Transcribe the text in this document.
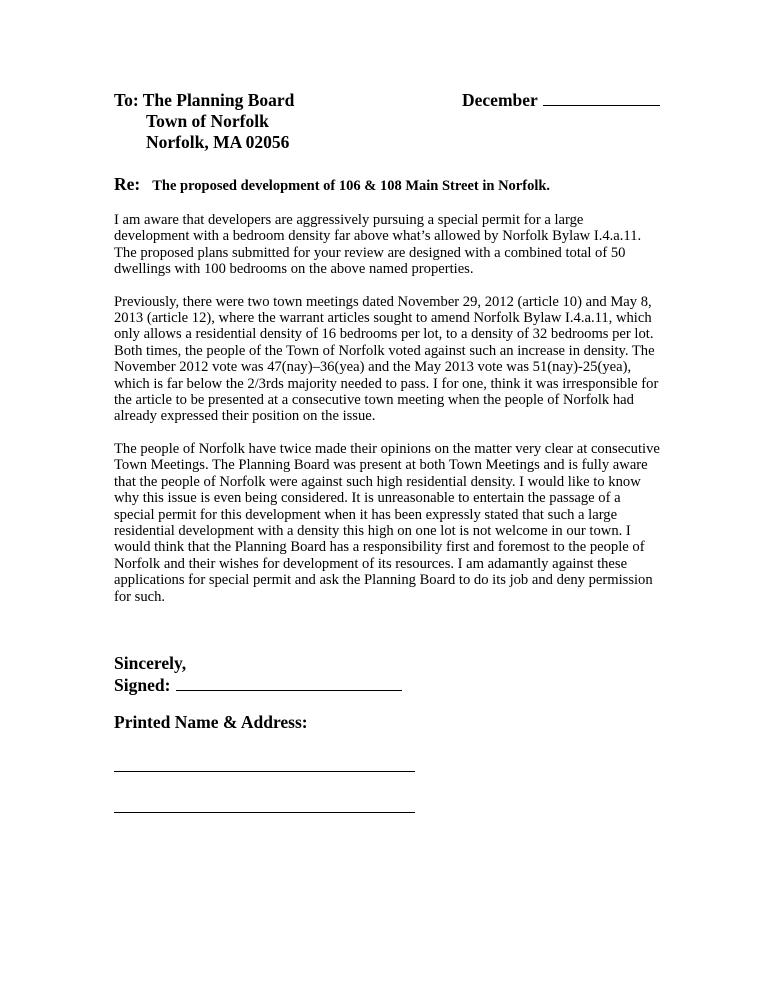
To: The Planning Board
Town of Norfolk
Norfolk, MA 02056
December
Re: The proposed development of 106 & 108 Main Street in Norfolk.

I am aware that developers are aggressively pursuing a special permit for a large development with a bedroom density far above what’s allowed by Norfolk Bylaw I.4.a.11. The proposed plans submitted for your review are designed with a combined total of 50 dwellings with 100 bedrooms on the above named properties.

Previously, there were two town meetings dated November 29, 2012 (article 10) and May 8, 2013 (article 12), where the warrant articles sought to amend Norfolk Bylaw I.4.a.11, which only allows a residential density of 16 bedrooms per lot, to a density of 32 bedrooms per lot. Both times, the people of the Town of Norfolk voted against such an increase in density. The November 2012 vote was 47(nay)–36(yea) and the May 2013 vote was 51(nay)-25(yea), which is far below the 2/3rds majority needed to pass. I for one, think it was irresponsible for the article to be presented at a consecutive town meeting when the people of Norfolk had already expressed their position on the issue.

The people of Norfolk have twice made their opinions on the matter very clear at consecutive Town Meetings. The Planning Board was present at both Town Meetings and is fully aware that the people of Norfolk were against such high residential density. I would like to know why this issue is even being considered. It is unreasonable to entertain the passage of a special permit for this development when it has been expressly stated that such a large residential development with a density this high on one lot is not welcome in our town. I would think that the Planning Board has a responsibility first and foremost to the people of Norfolk and their wishes for development of its resources. I am adamantly against these applications for special permit and ask the Planning Board to do its job and deny permission for such.

Sincerely,
Signed:
Printed Name & Address:
